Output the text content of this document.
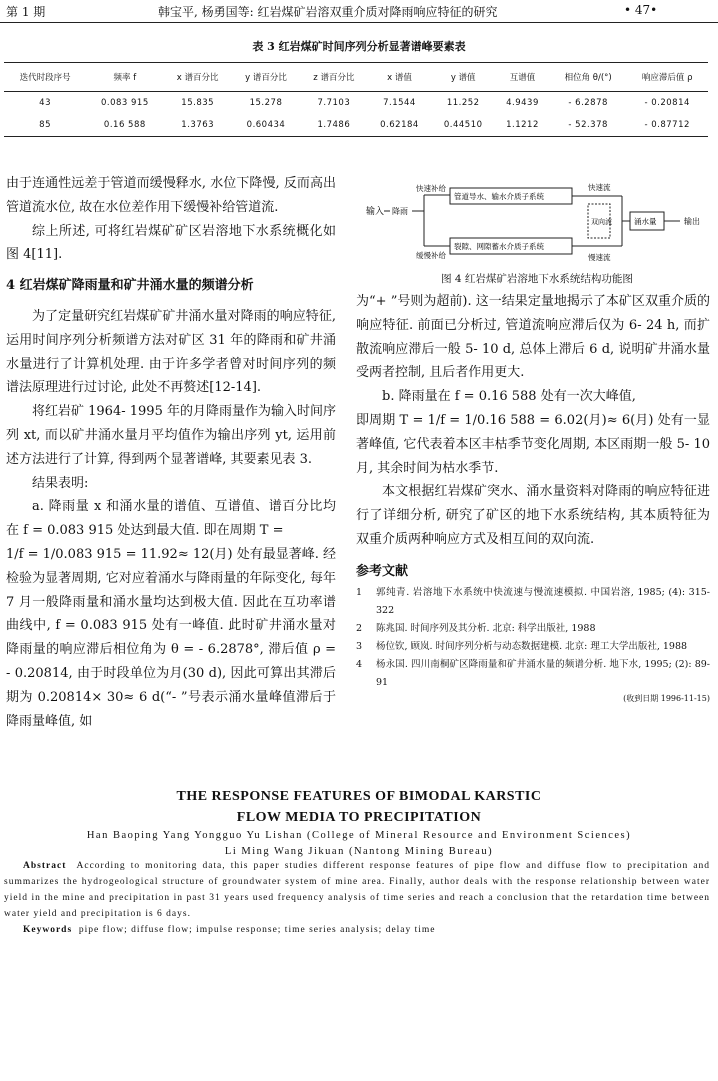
第 1 期	韩宝平, 杨勇国等: 红岩煤矿岩溶双重介质对降雨响应特征的研究	• 47•
表 3 红岩煤矿时间序列分析显著谱峰要素表
迭代时段序号	频率 f	x 谱百分比	y 谱百分比	z 谱百分比	x 谱值	y 谱值	互谱值	相位角 θ/(°)	响应滞后值 ρ
43	0.083 915	15.835	15.278	7.7103	7.1544	11.252	4.9439	- 6.2878	- 0.20814
85	0.16 588	1.3763	0.60434	1.7486	0.62184	0.44510	1.1212	- 52.378	- 0.87712

由于连通性远差于管道而缓慢释水, 水位下降慢, 反而高出管道流水位, 故在水位差作用下缓慢补给管道流.

综上所述, 可将红岩煤矿矿区岩溶地下水系统概化如图 4[11].

4 红岩煤矿降雨量和矿井涌水量的频谱分析

为了定量研究红岩煤矿矿井涌水量对降雨的响应特征, 运用时间序列分析频谱方法对矿区 31 年的降雨和矿井涌水量进行了计算机处理. 由于许多学者曾对时间序列的频谱法原理进行过讨论, 此处不再赘述[12-14].

将红岩矿 1964- 1995 年的月降雨量作为输入时间序列 xt, 而以矿井涌水量月平均值作为输出序列 yt, 运用前述方法进行了计算, 得到两个显著谱峰, 其要素见表 3.

结果表明:

a. 降雨量 x 和涌水量的谱值、互谱值、谱百分比均在 f = 0.083 915 处达到最大值. 即在周期 T =

1/f = 1/0.083 915 = 11.92≈ 12(月) 处有最显著峰. 经检验为显著周期, 它对应着涌水与降雨量的年际变化, 每年 7 月一般降雨量和涌水量均达到极大值. 因此在互功率谱曲线中, f = 0.083 915 处有一峰值. 此时矿井涌水量对降雨量的响应滞后相位角为 θ = - 6.2878°, 滞后值 ρ = - 0.20814, 由于时段单位为月(30 d), 因此可算出其滞后期为 0.20814× 30≈ 6 d(“- ”号表示涌水量峰值滞后于降雨量峰值, 如

输入 降雨
快速补给
缓慢补给
管道导水、输水介质子系统
裂隙、网隙蓄水介质子系统
快速流
慢速流
双向流	涌水量	输出
图 4 红岩煤矿岩溶地下水系统结构功能图

为“+ ”号则为超前). 这一结果定量地揭示了本矿区双重介质的响应特征. 前面已分析过, 管道流响应滞后仅为 6- 24 h, 而扩散流响应滞后一般 5- 10 d, 总体上滞后 6 d, 说明矿井涌水量受两者控制, 且后者作用更大.

b. 降雨量在 f = 0.16 588 处有一次大峰值,

即周期 T = 1/f = 1/0.16 588 = 6.02(月)≈ 6(月) 处有一显著峰值, 它代表着本区丰枯季节变化周期, 本区雨期一般 5- 10 月, 其余时间为枯水季节.

本文根据红岩煤矿突水、涌水量资料对降雨的响应特征进行了详细分析, 研究了矿区的地下水系统结构, 其本质特征为双重介质两种响应方式及相互间的双向流.

参考文献

1	郭纯青. 岩溶地下水系统中快流速与慢流速模拟. 中国岩溶, 1985; (4): 315- 322
2	陈兆国. 时间序列及其分析. 北京: 科学出版社, 1988
3	杨位钦, 顾岚. 时间序列分析与动态数据建模. 北京: 理工大学出版社, 1988
4	杨永国. 四川南桐矿区降雨量和矿井涌水量的频谱分析. 地下水, 1995; (2): 89- 91
(收到日期 1996-11-15)
THE RESPONSE FEATURES OF BIMODAL KARSTIC
FLOW MEDIA TO PRECIPITATION
Han Baoping Yang Yongguo Yu Lishan (College of Mineral Resource and Environment Sciences)
Li Ming Wang Jikuan (Nantong Mining Bureau)

Abstract According to monitoring data, this paper studies different response features of pipe flow and diffuse flow to precipitation and summarizes the hydrogeological structure of groundwater system of mine area. Finally, author deals with the response relationship between water yield in the mine and precipitation in past 31 years used frequency analysis of time series and reach a conclusion that the retardation time between water yield and precipitation is 6 days.

Keywords pipe flow; diffuse flow; impulse response; time series analysis; delay time
